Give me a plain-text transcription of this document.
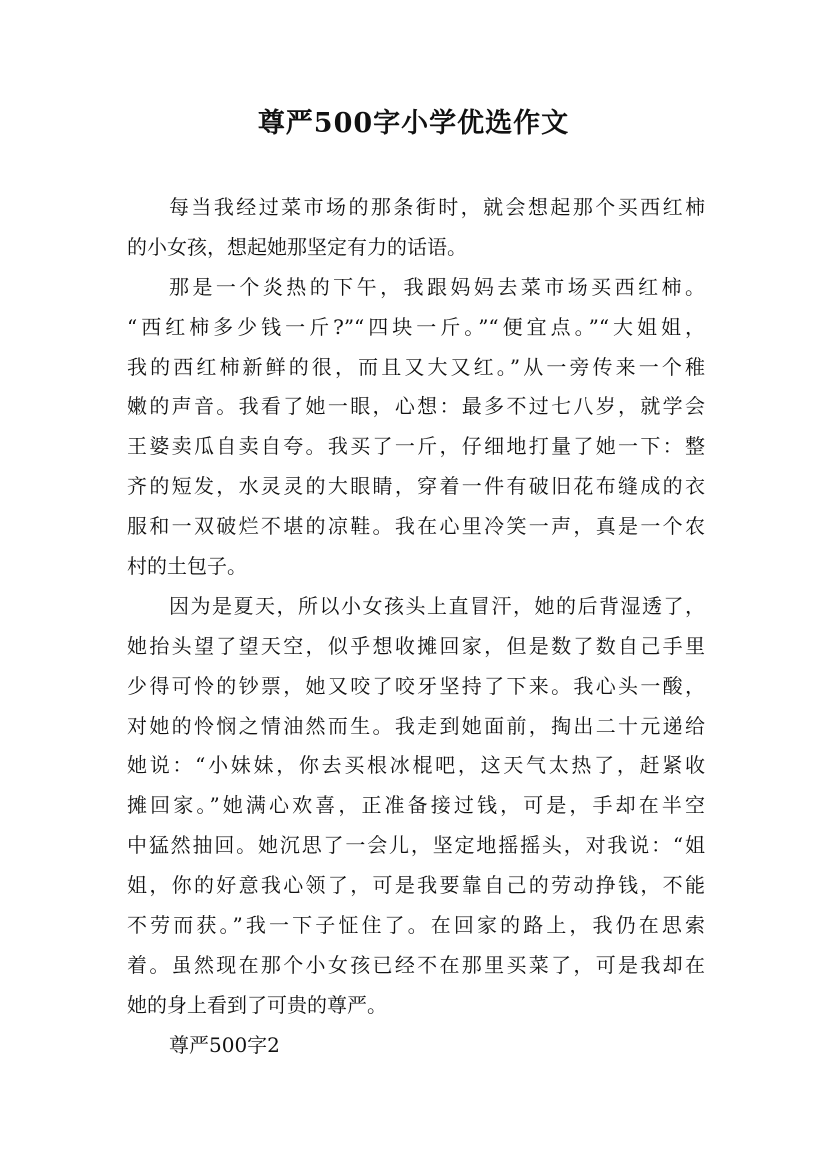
尊严500字小学优选作文
每当我经过菜市场的那条街时，就会想起那个买西红柿
的小女孩，想起她那坚定有力的话语。
那是一个炎热的下午，我跟妈妈去菜市场买西红柿。
“西红柿多少钱一斤?”“四块一斤。”“便宜点。”“大姐姐，
我的西红柿新鲜的很，而且又大又红。”从一旁传来一个稚
嫩的声音。我看了她一眼，心想：最多不过七八岁，就学会
王婆卖瓜自卖自夸。我买了一斤，仔细地打量了她一下：整
齐的短发，水灵灵的大眼睛，穿着一件有破旧花布缝成的衣
服和一双破烂不堪的凉鞋。我在心里冷笑一声，真是一个农
村的土包子。
因为是夏天，所以小女孩头上直冒汗，她的后背湿透了，
她抬头望了望天空，似乎想收摊回家，但是数了数自己手里
少得可怜的钞票，她又咬了咬牙坚持了下来。我心头一酸，
对她的怜悯之情油然而生。我走到她面前，掏出二十元递给
她说：“小妹妹，你去买根冰棍吧，这天气太热了，赶紧收
摊回家。”她满心欢喜，正准备接过钱，可是，手却在半空
中猛然抽回。她沉思了一会儿，坚定地摇摇头，对我说：“姐
姐，你的好意我心领了，可是我要靠自己的劳动挣钱，不能
不劳而获。”我一下子怔住了。在回家的路上，我仍在思索
着。虽然现在那个小女孩已经不在那里买菜了，可是我却在
她的身上看到了可贵的尊严。
尊严500字2
